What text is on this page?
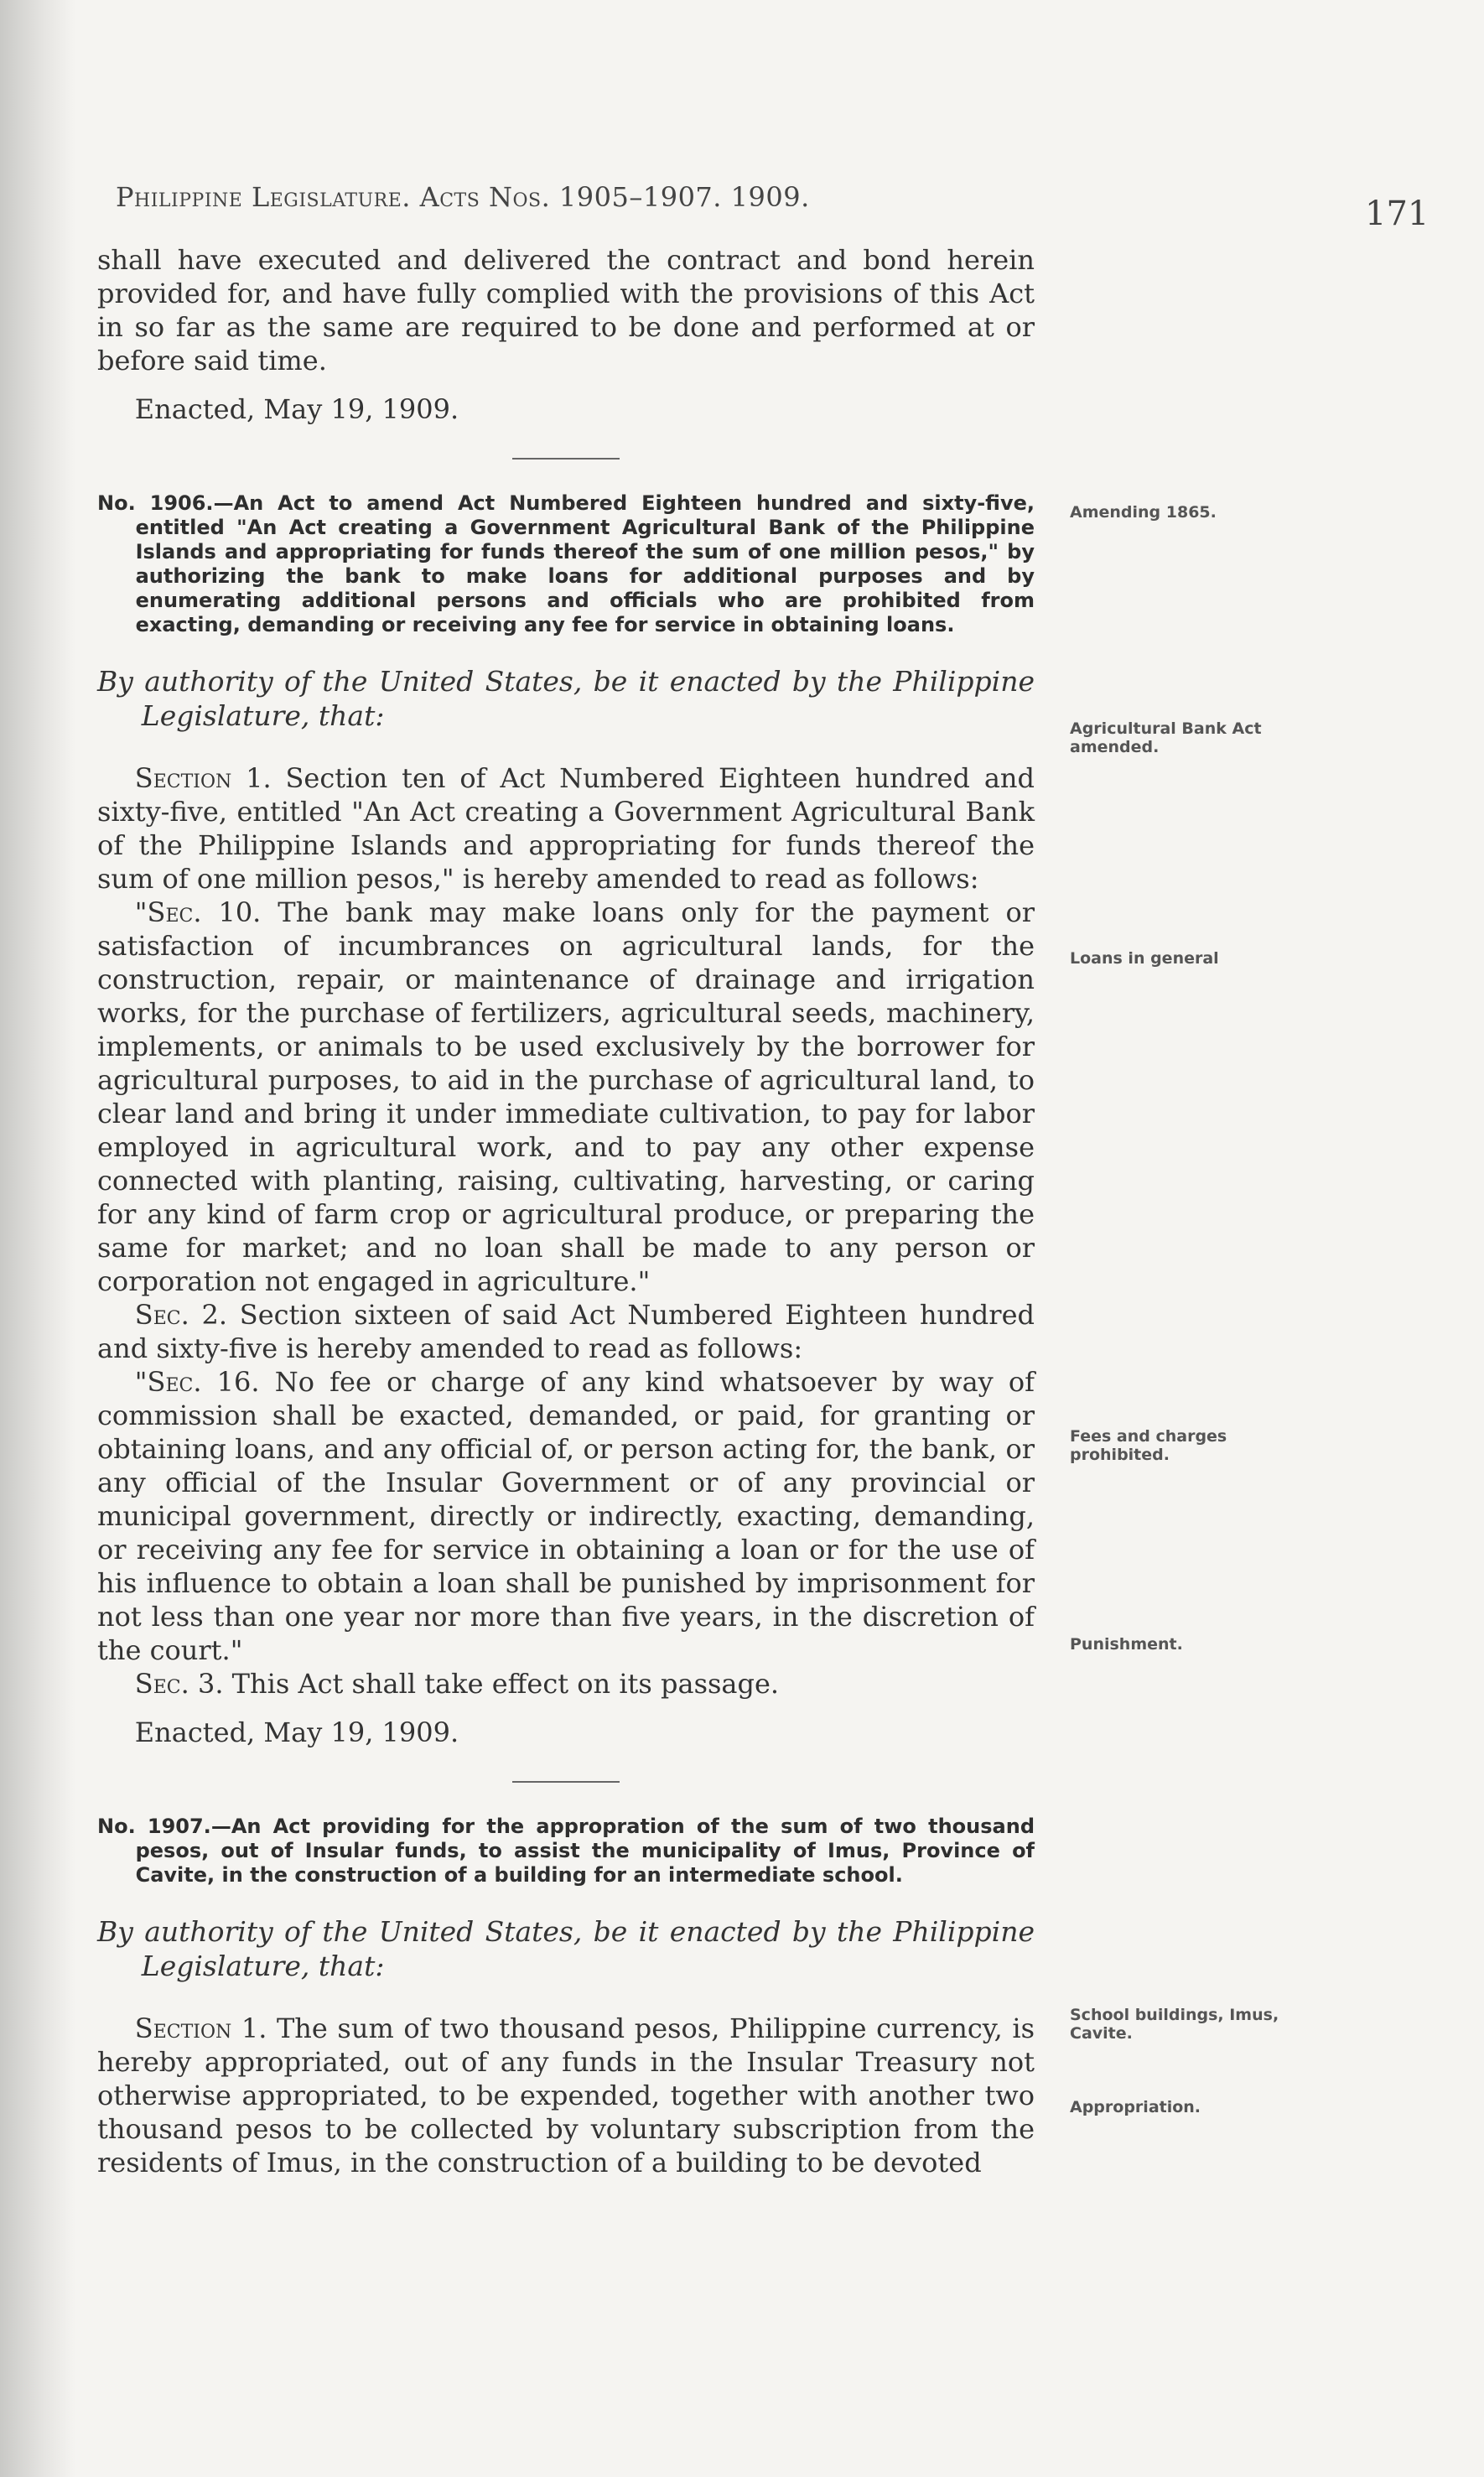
Philippine Legislature. Acts Nos. 1905–1907. 1909.	171

shall have executed and delivered the contract and bond herein provided for, and have fully complied with the provisions of this Act in so far as the same are required to be done and performed at or before said time.

Enacted, May 19, 1909.

No. 1906.—An Act to amend Act Numbered Eighteen hundred and sixty-five, entitled "An Act creating a Government Agricultural Bank of the Philippine Islands and appropriating for funds thereof the sum of one million pesos," by authorizing the bank to make loans for additional purposes and by enumerating additional persons and officials who are prohibited from exacting, demanding or receiving any fee for service in obtaining loans.

By authority of the United States, be it enacted by the Philippine Legislature, that:

Section 1. Section ten of Act Numbered Eighteen hundred and sixty-five, entitled "An Act creating a Government Agricultural Bank of the Philippine Islands and appropriating for funds thereof the sum of one million pesos," is hereby amended to read as follows:

"Sec. 10. The bank may make loans only for the payment or satisfaction of incumbrances on agricultural lands, for the construction, repair, or maintenance of drainage and irrigation works, for the purchase of fertilizers, agricultural seeds, machinery, implements, or animals to be used exclusively by the borrower for agricultural purposes, to aid in the purchase of agricultural land, to clear land and bring it under immediate cultivation, to pay for labor employed in agricultural work, and to pay any other expense connected with planting, raising, cultivating, harvesting, or caring for any kind of farm crop or agricultural produce, or preparing the same for market; and no loan shall be made to any person or corporation not engaged in agriculture."

Sec. 2. Section sixteen of said Act Numbered Eighteen hundred and sixty-five is hereby amended to read as follows:

"Sec. 16. No fee or charge of any kind whatsoever by way of commission shall be exacted, demanded, or paid, for granting or obtaining loans, and any official of, or person acting for, the bank, or any official of the Insular Government or of any provincial or municipal government, directly or indirectly, exacting, demanding, or receiving any fee for service in obtaining a loan or for the use of his influence to obtain a loan shall be punished by imprisonment for not less than one year nor more than five years, in the discretion of the court."

Sec. 3. This Act shall take effect on its passage.

Enacted, May 19, 1909.

No. 1907.—An Act providing for the appropration of the sum of two thousand pesos, out of Insular funds, to assist the municipality of Imus, Province of Cavite, in the construction of a building for an intermediate school.

By authority of the United States, be it enacted by the Philippine Legislature, that:

Section 1. The sum of two thousand pesos, Philippine currency, is hereby appropriated, out of any funds in the Insular Treasury not otherwise appropriated, to be expended, together with another two thousand pesos to be collected by voluntary subscription from the residents of Imus, in the construction of a building to be devoted

Amending 1865.
Agricultural Bank Act amended.
Loans in general
Fees and charges prohibited.
Punishment.
School buildings, Imus, Cavite.
Appropriation.
